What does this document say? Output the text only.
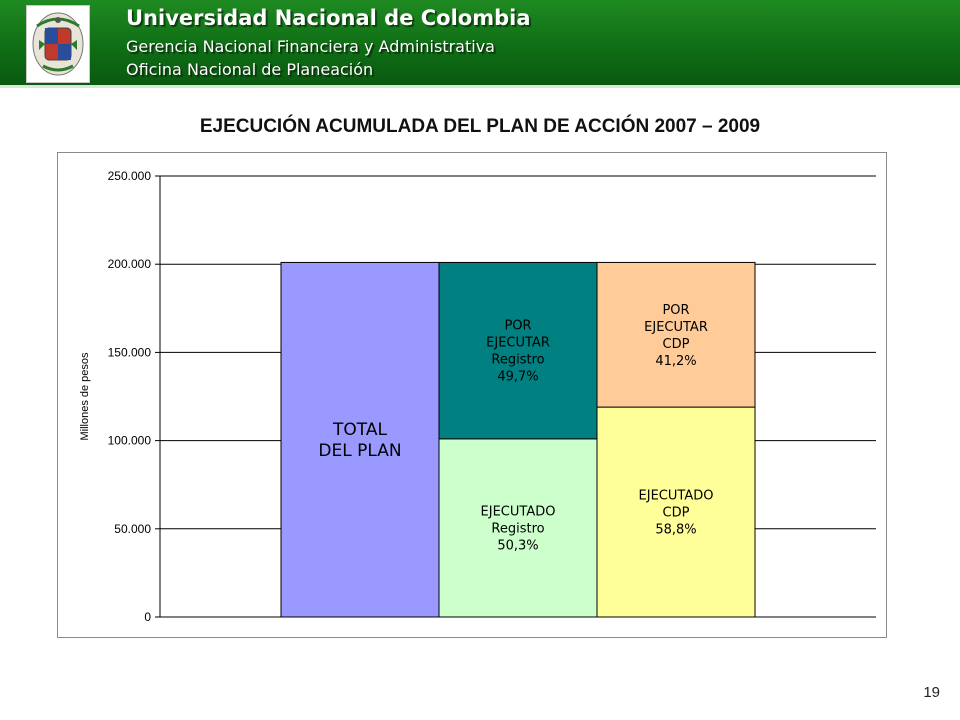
Universidad Nacional de Colombia
Gerencia Nacional Financiera y Administrativa
Oficina Nacional de Planeación
EJECUCIÓN ACUMULADA DEL PLAN DE ACCIÓN 2007 – 2009
0
50.000
100.000
150.000
200.000
250.000
Millones de pesos	TOTAL
DEL PLAN
EJECUTADO
Registro
50,3%
POR
EJECUTAR
Registro
49,7%
EJECUTADO
CDP
58,8%
POR
EJECUTAR
CDP
41,2%
19
